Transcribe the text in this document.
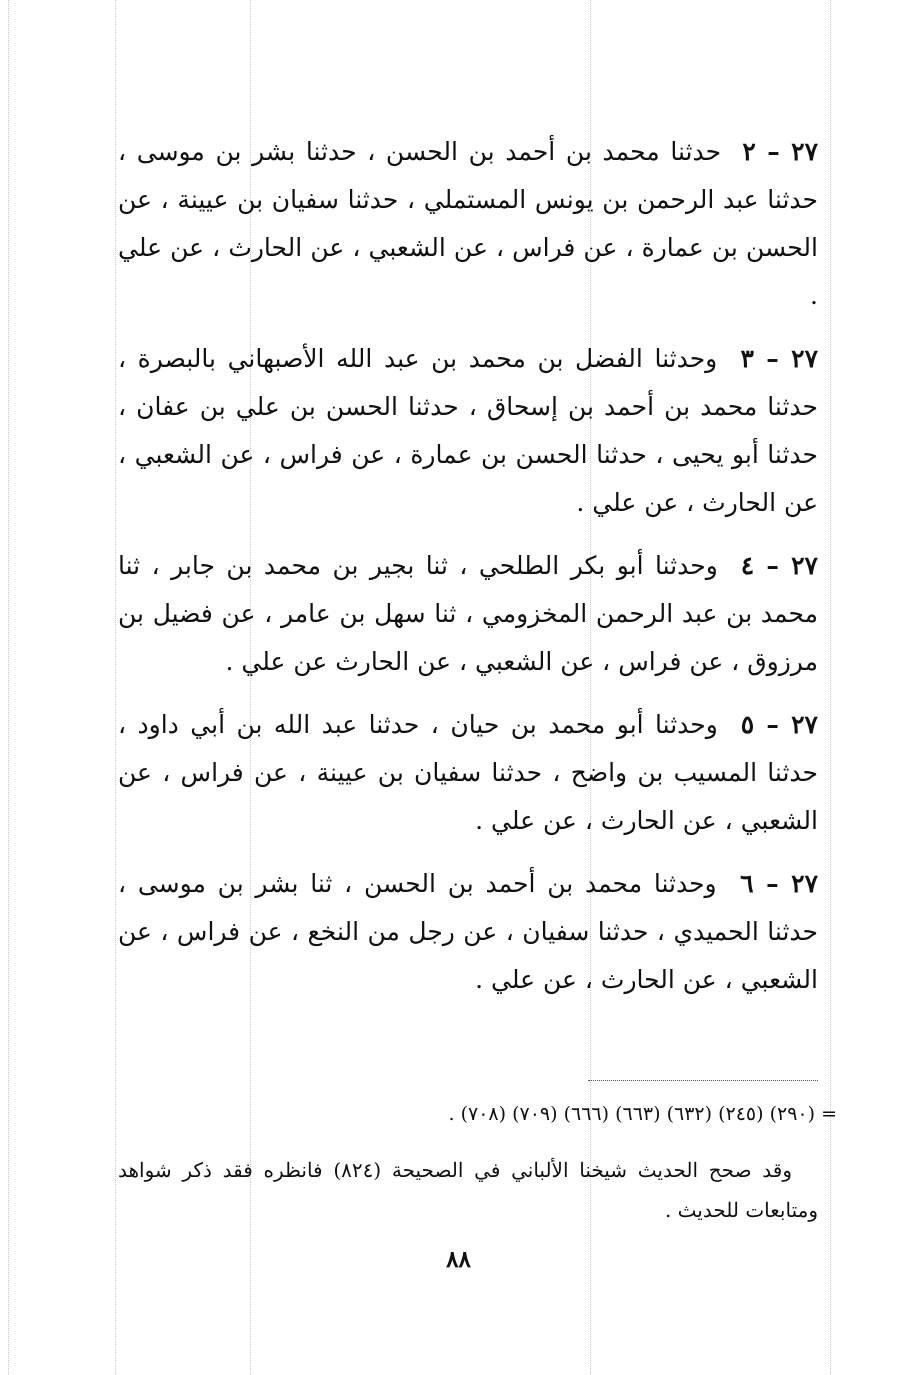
٢٧ – ٢  حدثنا محمد بن أحمد بن الحسن ، حدثنا بشر بن موسى ، حدثنا عبد الرحمن بن يونس المستملي ، حدثنا سفيان بن عيينة ، عن الحسن بن عمارة ، عن فراس ، عن الشعبي ، عن الحارث ، عن علي .

٢٧ – ٣  وحدثنا الفضل بن محمد بن عبد الله الأصبهاني بالبصرة ، حدثنا محمد بن أحمد بن إسحاق ، حدثنا الحسن بن علي بن عفان ، حدثنا أبو يحيى ، حدثنا الحسن بن عمارة ، عن فراس ، عن الشعبي ، عن الحارث ، عن علي .

٢٧ – ٤  وحدثنا أبو بكر الطلحي ، ثنا بجير بن محمد بن جابر ، ثنا محمد بن عبد الرحمن المخزومي ، ثنا سهل بن عامر ، عن فضيل بن مرزوق ، عن فراس ، عن الشعبي ، عن الحارث عن علي .

٢٧ – ٥  وحدثنا أبو محمد بن حيان ، حدثنا عبد الله بن أبي داود ، حدثنا المسيب بن واضح ، حدثنا سفيان بن عيينة ، عن فراس ، عن الشعبي ، عن الحارث ، عن علي .

٢٧ – ٦  وحدثنا محمد بن أحمد بن الحسن ، ثنا بشر بن موسى ، حدثنا الحميدي ، حدثنا سفيان ، عن رجل من النخع ، عن فراس ، عن الشعبي ، عن الحارث ، عن علي .

= (٢٩٠) (٢٤٥) (٦٣٢) (٦٦٣) (٦٦٦) (٧٠٩) (٧٠٨) .
وقد صحح الحديث شيخنا الألباني في الصحيحة (٨٢٤) فانظره فقد ذكر شواهد ومتابعات للحديث .
٨٨
